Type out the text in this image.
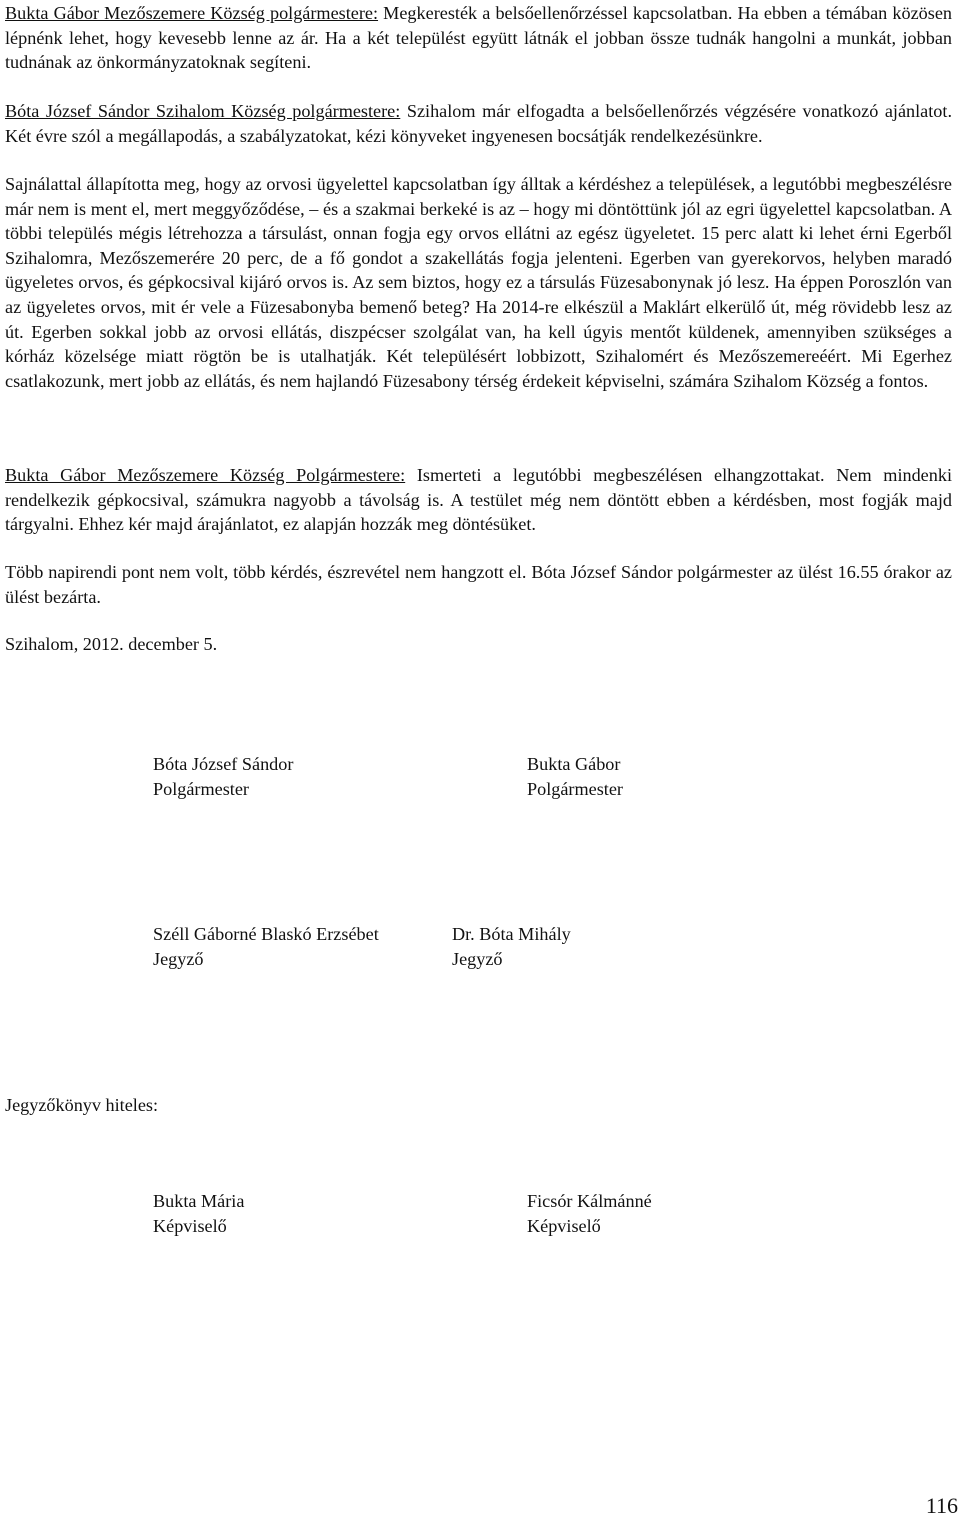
Bukta Gábor Mezőszemere Község polgármestere: Megkeresték a belsőellenőrzéssel kapcsolatban. Ha ebben a témában közösen lépnénk lehet, hogy kevesebb lenne az ár. Ha a két települést együtt látnák el jobban össze tudnák hangolni a munkát, jobban tudnának az önkormányzatoknak segíteni.

Bóta József Sándor Szihalom Község polgármestere: Szihalom már elfogadta a belsőellenőrzés végzésére vonatkozó ajánlatot. Két évre szól a megállapodás, a szabályzatokat, kézi könyveket ingyenesen bocsátják rendelkezésünkre.

Sajnálattal állapította meg, hogy az orvosi ügyelettel kapcsolatban így álltak a kérdéshez a települések, a legutóbbi megbeszélésre már nem is ment el, mert meggyőződése, – és a szakmai berkeké is az – hogy mi döntöttünk jól az egri ügyelettel kapcsolatban. A többi település mégis létrehozza a társulást, onnan fogja egy orvos ellátni az egész ügyeletet. 15 perc alatt ki lehet érni Egerből Szihalomra, Mezőszemerére 20 perc, de a fő gondot a szakellátás fogja jelenteni. Egerben van gyerekorvos, helyben maradó ügyeletes orvos, és gépkocsival kijáró orvos is. Az sem biztos, hogy ez a társulás Füzesabonynak jó lesz. Ha éppen Poroszlón van az ügyeletes orvos, mit ér vele a Füzesabonyba bemenő beteg? Ha 2014-re elkészül a Maklárt elkerülő út, még rövidebb lesz az út. Egerben sokkal jobb az orvosi ellátás, diszpécser szolgálat van, ha kell úgyis mentőt küldenek, amennyiben szükséges a kórház közelsége miatt rögtön be is utalhatják. Két településért lobbizott, Szihalomért és Mezőszemereéért. Mi Egerhez csatlakozunk, mert jobb az ellátás, és nem hajlandó Füzesabony térség érdekeit képviselni, számára Szihalom Község a fontos.

Bukta Gábor Mezőszemere Község Polgármestere: Ismerteti a legutóbbi megbeszélésen elhangzottakat. Nem mindenki rendelkezik gépkocsival, számukra nagyobb a távolság is. A testület még nem döntött ebben a kérdésben, most fogják majd tárgyalni. Ehhez kér majd árajánlatot, ez alapján hozzák meg döntésüket.

Több napirendi pont nem volt, több kérdés, észrevétel nem hangzott el. Bóta József Sándor polgármester az ülést 16.55 órakor az ülést bezárta.

Szihalom, 2012. december 5.

Bóta József Sándor
Polgármester
Bukta Gábor
Polgármester
Széll Gáborné Blaskó Erzsébet
Jegyző
Dr. Bóta Mihály
Jegyző

Jegyzőkönyv hiteles:

Bukta Mária
Képviselő
Ficsór Kálmánné
Képviselő
116
